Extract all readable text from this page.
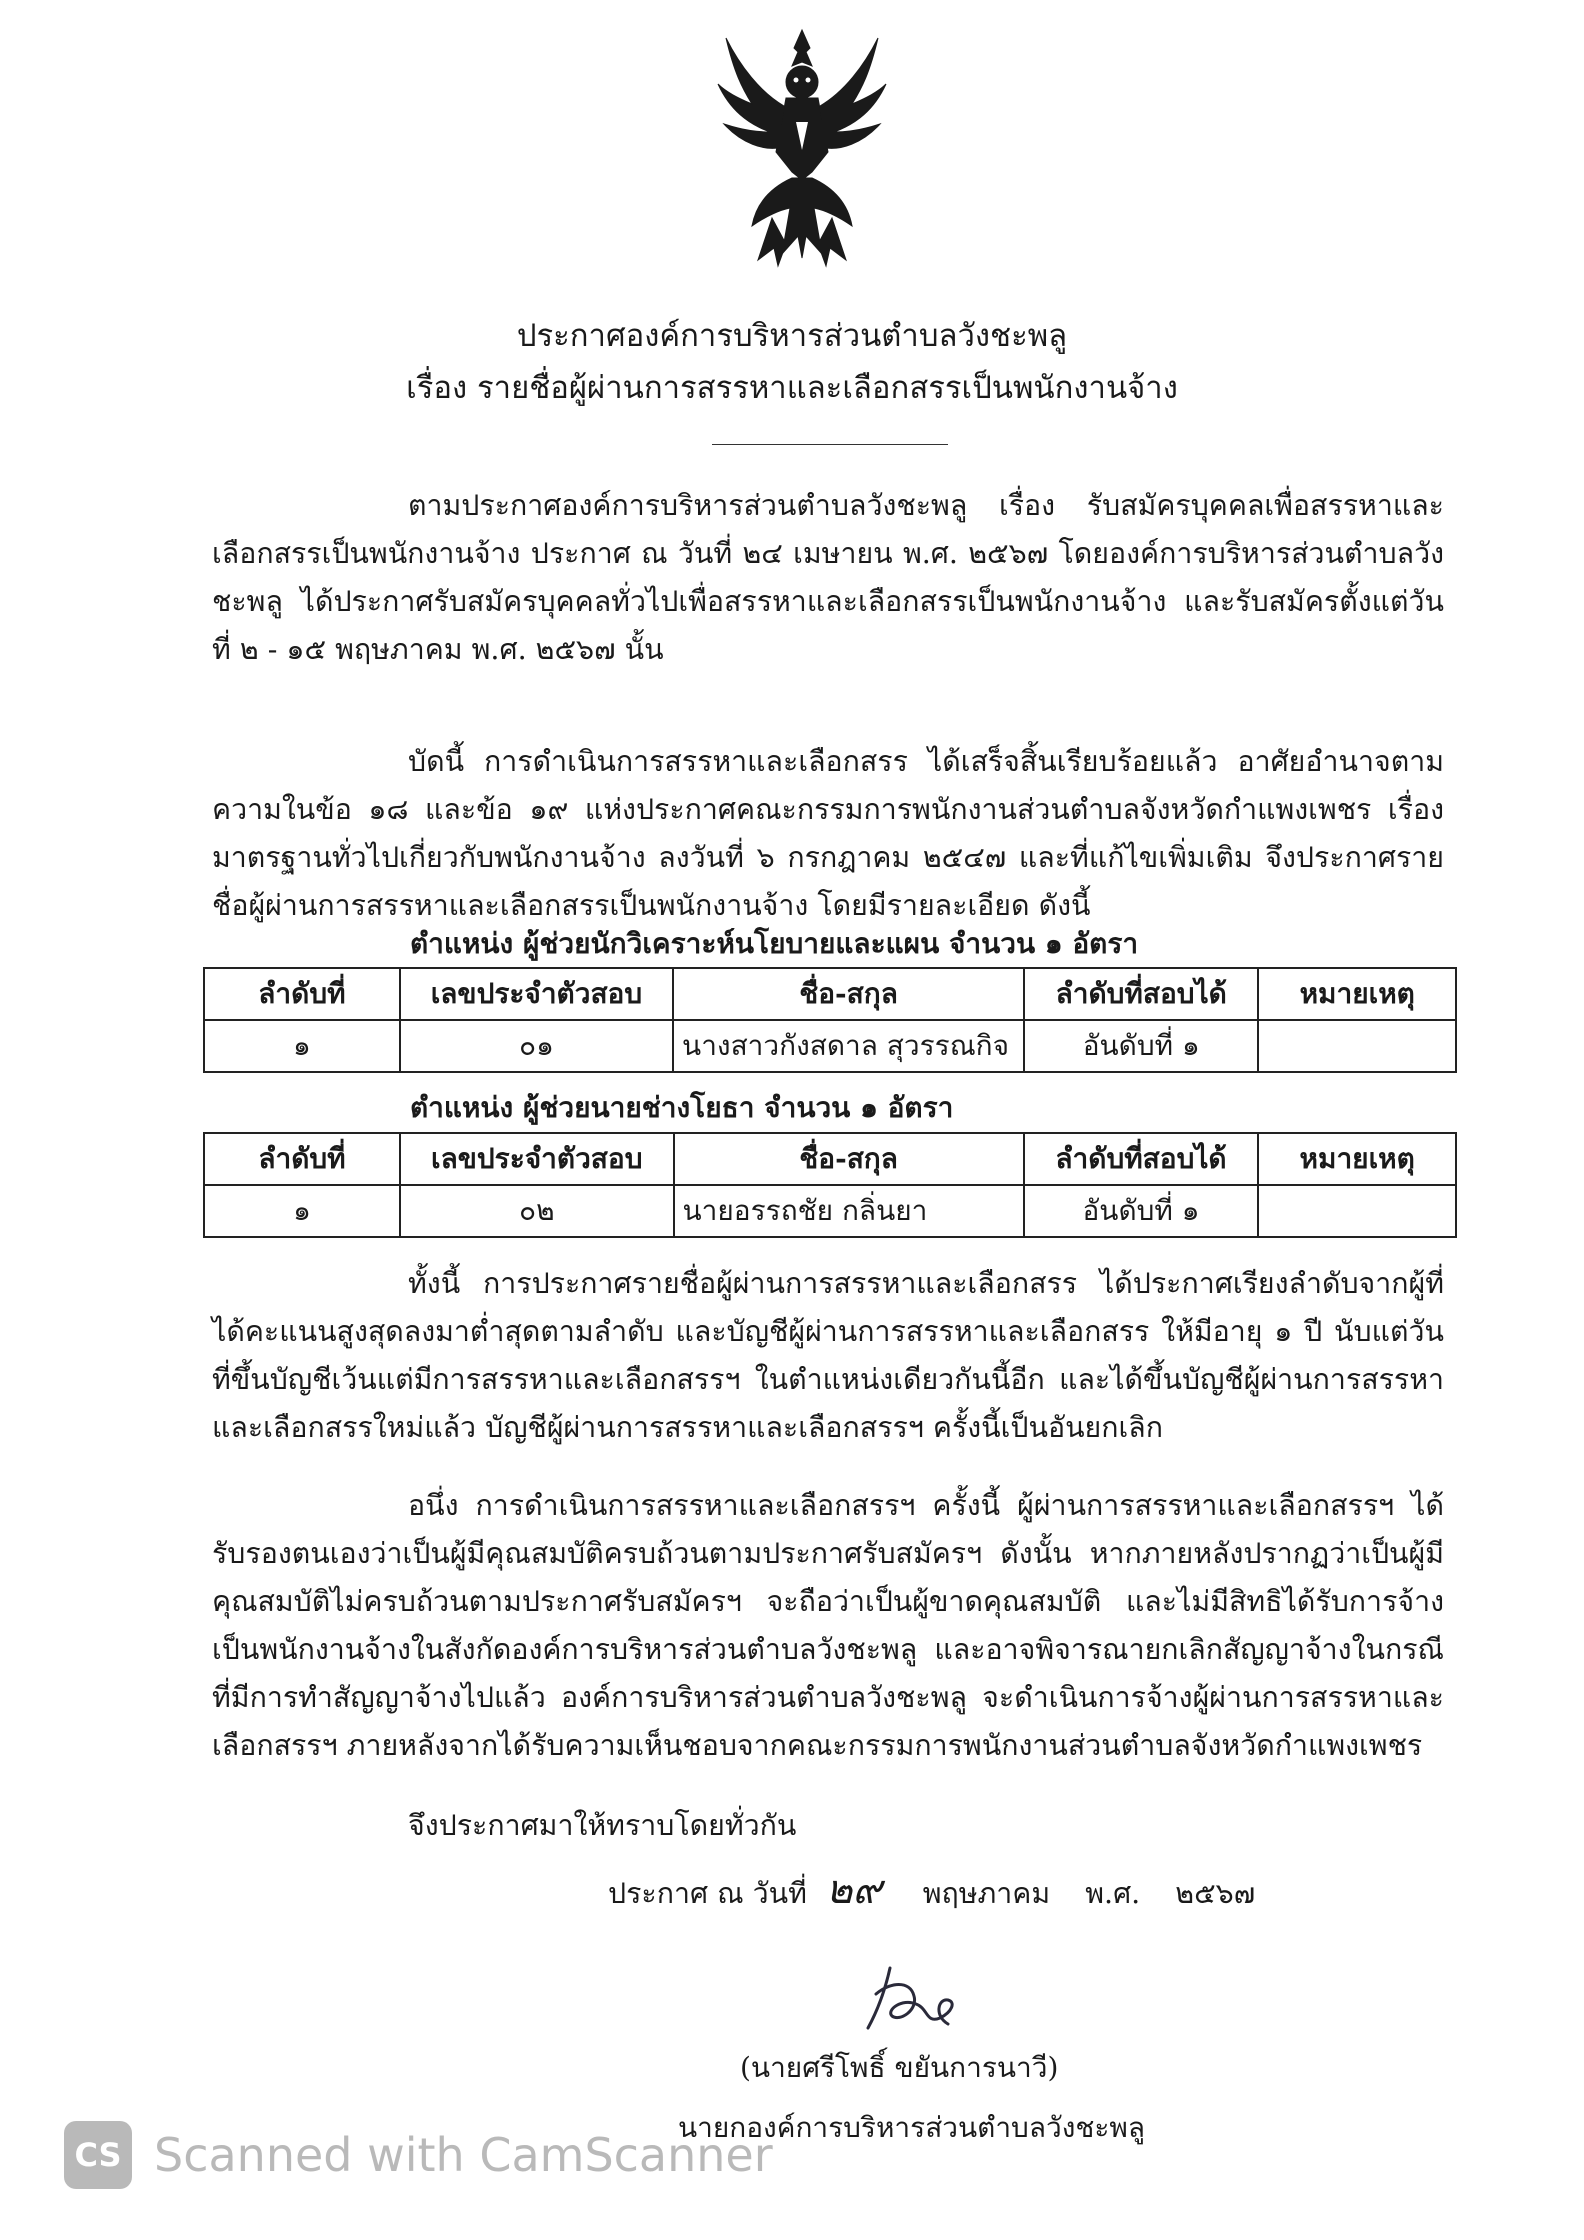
ประกาศองค์การบริหารส่วนตำบลวังชะพลู
เรื่อง รายชื่อผู้ผ่านการสรรหาและเลือกสรรเป็นพนักงานจ้าง

ตามประกาศองค์การบริหารส่วนตำบลวังชะพลู เรื่อง รับสมัครบุคคลเพื่อสรรหาและเลือกสรรเป็นพนักงานจ้าง ประกาศ ณ วันที่ ๒๔ เมษายน พ.ศ. ๒๕๖๗ โดยองค์การบริหารส่วนตำบลวังชะพลู ได้ประกาศรับสมัครบุคคลทั่วไปเพื่อสรรหาและเลือกสรรเป็นพนักงานจ้าง และรับสมัครตั้งแต่วันที่ ๒ - ๑๕ พฤษภาคม พ.ศ. ๒๕๖๗ นั้น

บัดนี้ การดำเนินการสรรหาและเลือกสรร ได้เสร็จสิ้นเรียบร้อยแล้ว อาศัยอำนาจตามความในข้อ ๑๘ และข้อ ๑๙ แห่งประกาศคณะกรรมการพนักงานส่วนตำบลจังหวัดกำแพงเพชร เรื่องมาตรฐานทั่วไปเกี่ยวกับพนักงานจ้าง ลงวันที่ ๖ กรกฎาคม ๒๕๔๗ และที่แก้ไขเพิ่มเติม จึงประกาศรายชื่อผู้ผ่านการสรรหาและเลือกสรรเป็นพนักงานจ้าง โดยมีรายละเอียด ดังนี้

ตำแหน่ง ผู้ช่วยนักวิเคราะห์นโยบายและแผน จำนวน ๑ อัตรา
ลำดับที่	เลขประจำตัวสอบ	ชื่อ-สกุล	ลำดับที่สอบได้	หมายเหตุ
๑	๐๑	นางสาวกังสดาล สุวรรณกิจ	อันดับที่ ๑	
ตำแหน่ง ผู้ช่วยนายช่างโยธา จำนวน ๑ อัตรา
ลำดับที่	เลขประจำตัวสอบ	ชื่อ-สกุล	ลำดับที่สอบได้	หมายเหตุ
๑	๐๒	นายอรรถชัย กลิ่นยา	อันดับที่ ๑	

ทั้งนี้ การประกาศรายชื่อผู้ผ่านการสรรหาและเลือกสรร ได้ประกาศเรียงลำดับจากผู้ที่ได้คะแนนสูงสุดลงมาต่ำสุดตามลำดับ และบัญชีผู้ผ่านการสรรหาและเลือกสรร ให้มีอายุ ๑ ปี นับแต่วันที่ขึ้นบัญชีเว้นแต่มีการสรรหาและเลือกสรรฯ ในตำแหน่งเดียวกันนี้อีก และได้ขึ้นบัญชีผู้ผ่านการสรรหาและเลือกสรรใหม่แล้ว บัญชีผู้ผ่านการสรรหาและเลือกสรรฯ ครั้งนี้เป็นอันยกเลิก

อนึ่ง การดำเนินการสรรหาและเลือกสรรฯ ครั้งนี้ ผู้ผ่านการสรรหาและเลือกสรรฯ ได้รับรองตนเองว่าเป็นผู้มีคุณสมบัติครบถ้วนตามประกาศรับสมัครฯ ดังนั้น หากภายหลังปรากฏว่าเป็นผู้มีคุณสมบัติไม่ครบถ้วนตามประกาศรับสมัครฯ จะถือว่าเป็นผู้ขาดคุณสมบัติ และไม่มีสิทธิได้รับการจ้างเป็นพนักงานจ้างในสังกัดองค์การบริหารส่วนตำบลวังชะพลู และอาจพิจารณายกเลิกสัญญาจ้างในกรณีที่มีการทำสัญญาจ้างไปแล้ว องค์การบริหารส่วนตำบลวังชะพลู จะดำเนินการจ้างผู้ผ่านการสรรหาและเลือกสรรฯ ภายหลังจากได้รับความเห็นชอบจากคณะกรรมการพนักงานส่วนตำบลจังหวัดกำแพงเพชร

จึงประกาศมาให้ทราบโดยทั่วกัน
ประกาศ ณ วันที่ ๒๙ พฤษภาคม พ.ศ. ๒๕๖๗
(นายศรีโพธิ์ ขยันการนาวี)
นายกองค์การบริหารส่วนตำบลวังชะพลู
CS Scanned with CamScanner
